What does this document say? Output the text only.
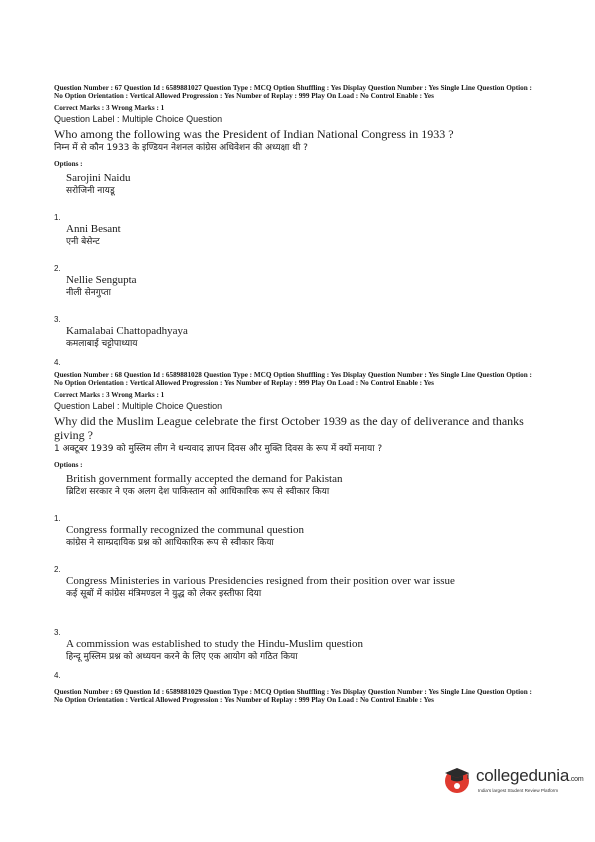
Question Number : 67 Question Id : 6589881027 Question Type : MCQ Option Shuffling : Yes Display Question Number : Yes Single Line Question Option : No Option Orientation : Vertical Allowed Progression : Yes Number of Replay : 999 Play On Load : No Control Enable : Yes

Correct Marks : 3 Wrong Marks : 1
Question Label : Multiple Choice Question
Who among the following was the President of Indian National Congress in 1933 ?
निम्न में से कौन 1933 के इण्डियन नेशनल कांग्रेस अधिवेशन की अध्यक्षा थी ?
Options :
Sarojini Naidu
सरोजिनी नायडू
1.
Anni Besant
एनी बेसेन्ट
2.
Nellie Sengupta
नीली सेनगुप्ता
3.
Kamalabai Chattopadhyaya
कमलाबाई चट्टोपाध्याय
4.

Question Number : 68 Question Id : 6589881028 Question Type : MCQ Option Shuffling : Yes Display Question Number : Yes Single Line Question Option : No Option Orientation : Vertical Allowed Progression : Yes Number of Replay : 999 Play On Load : No Control Enable : Yes

Correct Marks : 3 Wrong Marks : 1
Question Label : Multiple Choice Question
Why did the Muslim League celebrate the first October 1939 as the day of deliverance and thanks giving ?
1 अक्टूबर 1939 को मुस्लिम लीग ने धन्यवाद ज्ञापन दिवस और मुक्ति दिवस के रूप में क्यों मनाया ?
Options :
British government formally accepted the demand for Pakistan
ब्रिटिश सरकार ने एक अलग देश पाकिस्तान को आधिकारिक रूप से स्वीकार किया
1.
Congress formally recognized the communal question
कांग्रेस ने साम्प्रदायिक प्रश्न को आधिकारिक रूप से स्वीकार किया
2.
Congress Ministeries in various Presidencies resigned from their position over war issue
कई सूबों में कांग्रेस मंत्रिमण्डल ने युद्ध को लेकर इस्तीफा दिया
3.
A commission was established to study the Hindu-Muslim question
हिन्दू मुस्लिम प्रश्न को अध्ययन करने के लिए एक आयोग को गठित किया
4.

Question Number : 69 Question Id : 6589881029 Question Type : MCQ Option Shuffling : Yes Display Question Number : Yes Single Line Question Option : No Option Orientation : Vertical Allowed Progression : Yes Number of Replay : 999 Play On Load : No Control Enable : Yes

collegedunia.com
India's largest Student Review Platform
